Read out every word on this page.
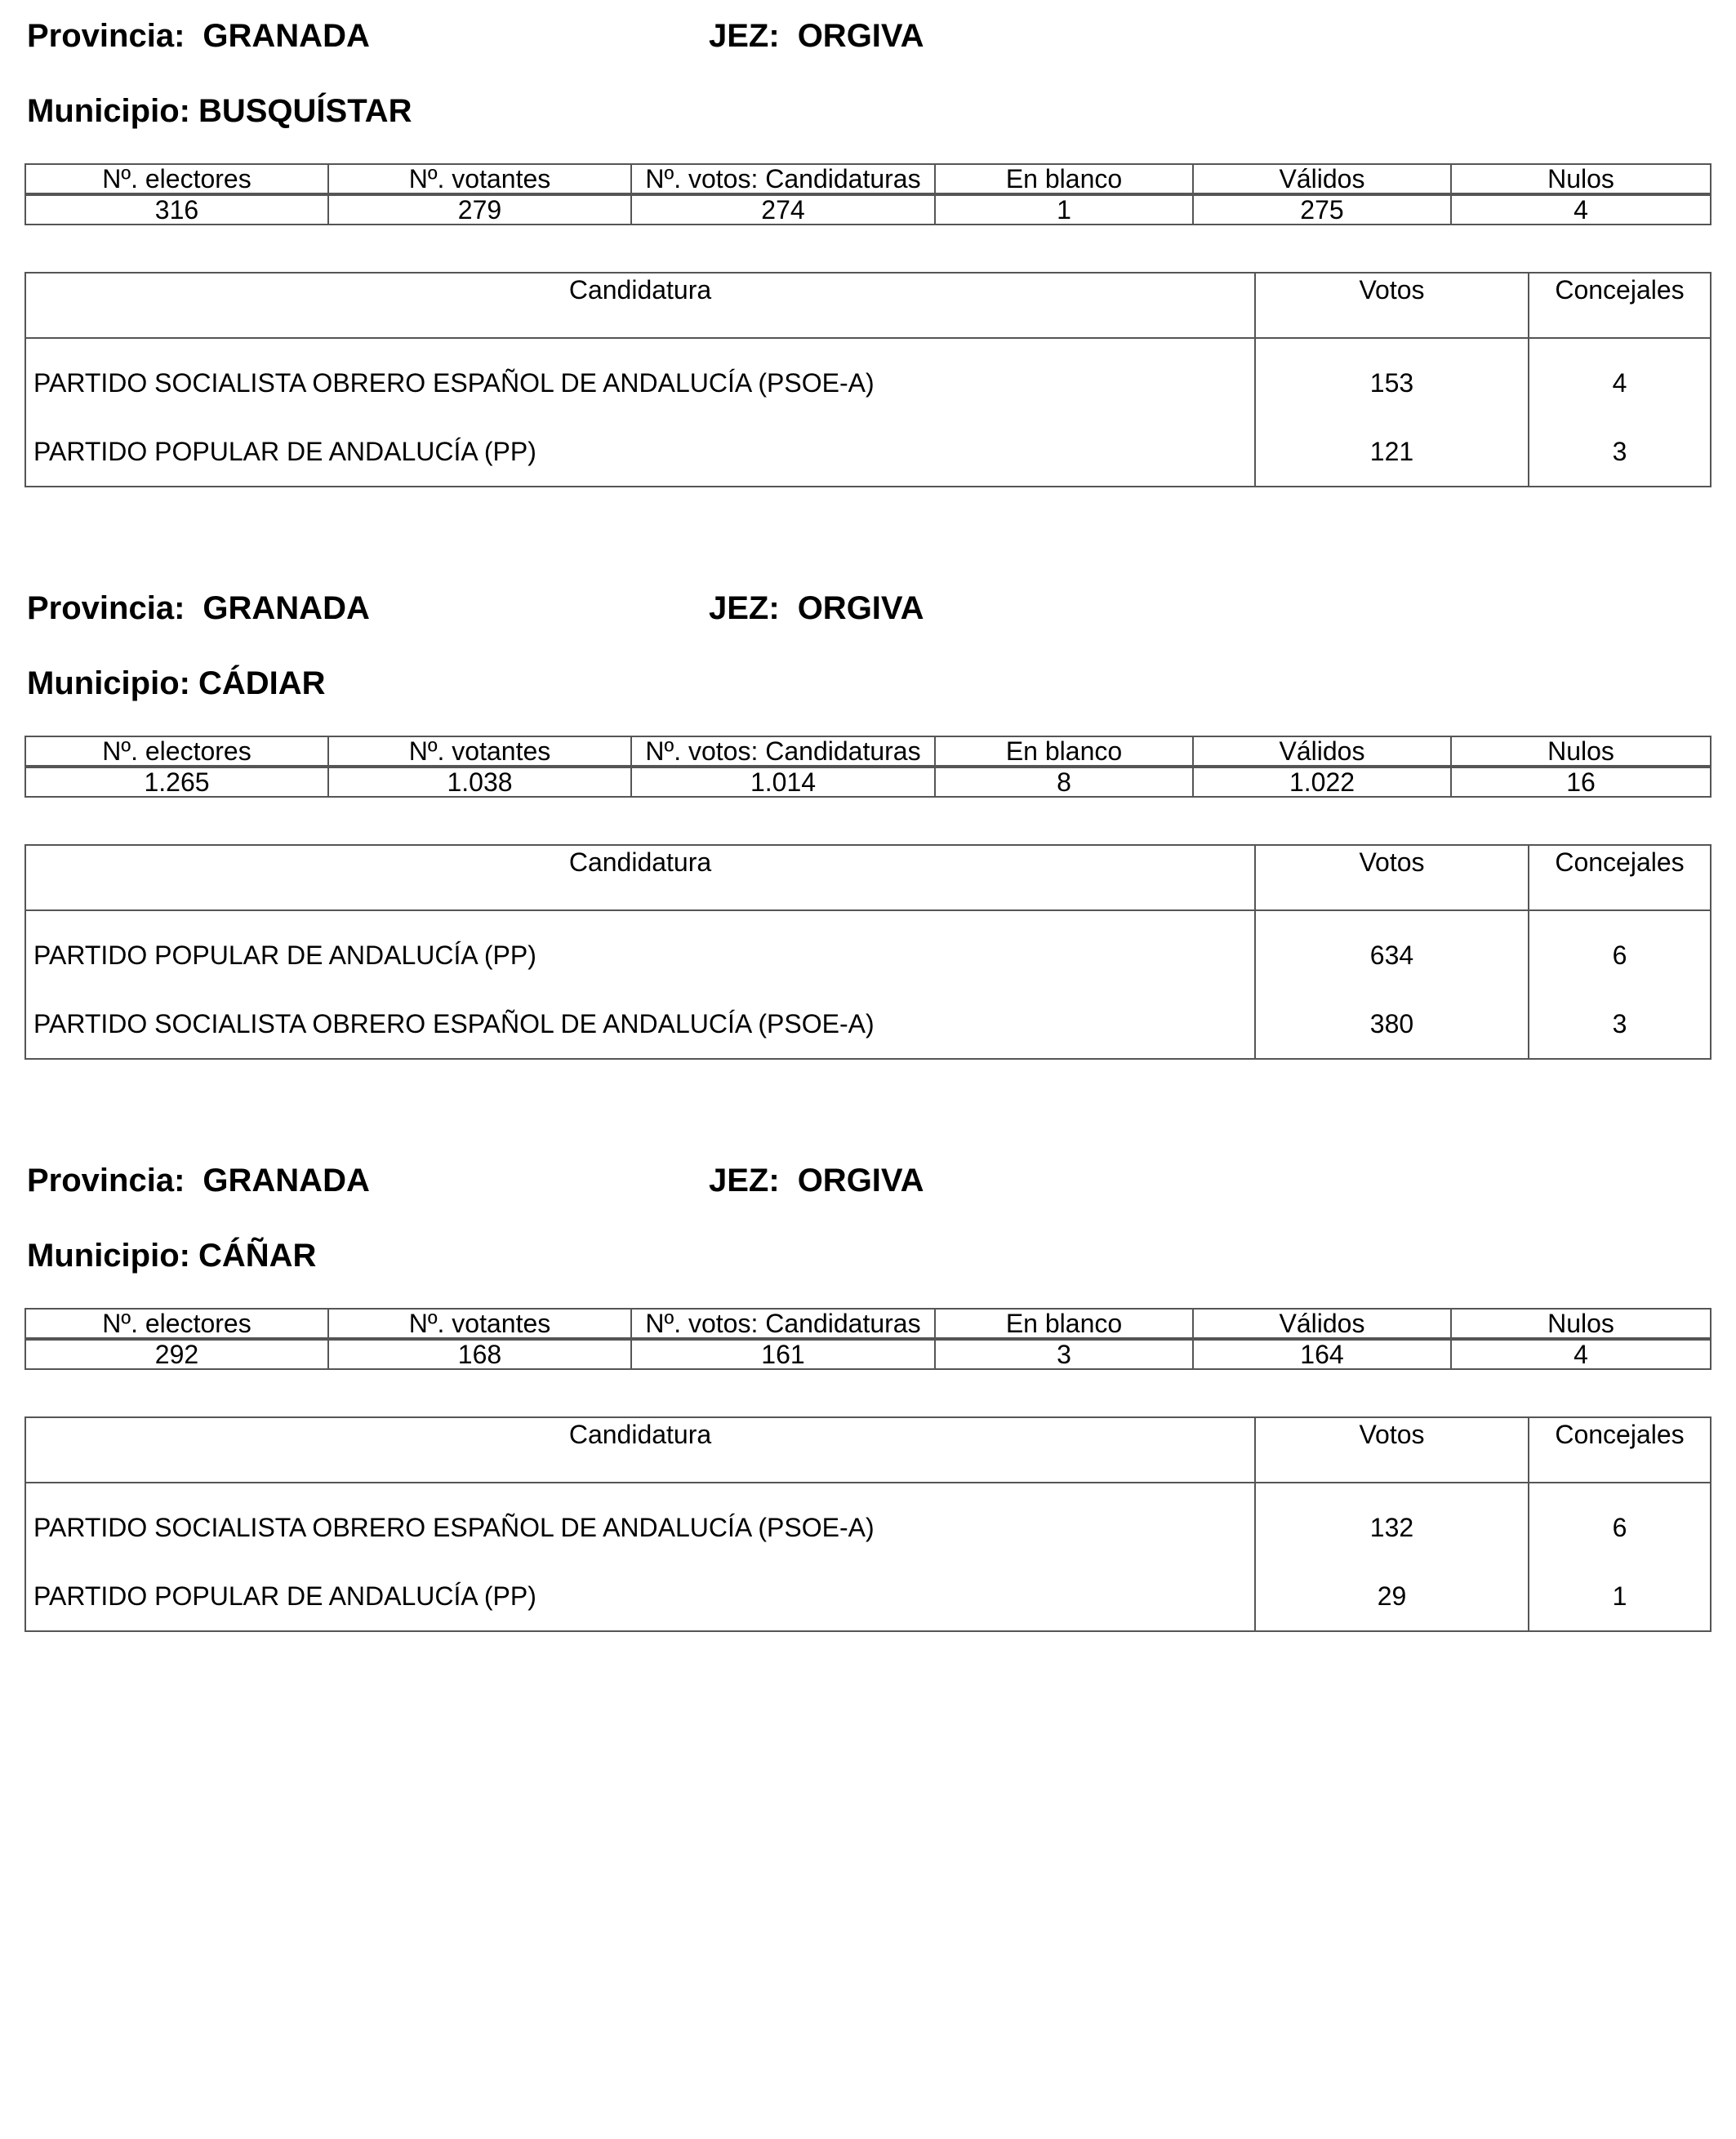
Provincia: GRANADA	JEZ: ORGIVA
Municipio: BUSQUÍSTAR
Nº. electores	Nº. votantes	Nº. votos: Candidaturas	En blanco	Válidos	Nulos
316	279	274	1	275	4
Candidatura	Votos	Concejales
PARTIDO SOCIALISTA OBRERO ESPAÑOL DE ANDALUCÍA (PSOE-A)	153	4
PARTIDO POPULAR DE ANDALUCÍA (PP)	121	3
Provincia: GRANADA	JEZ: ORGIVA
Municipio: CÁDIAR
Nº. electores	Nº. votantes	Nº. votos: Candidaturas	En blanco	Válidos	Nulos
1.265	1.038	1.014	8	1.022	16
Candidatura	Votos	Concejales
PARTIDO POPULAR DE ANDALUCÍA (PP)	634	6
PARTIDO SOCIALISTA OBRERO ESPAÑOL DE ANDALUCÍA (PSOE-A)	380	3
Provincia: GRANADA	JEZ: ORGIVA
Municipio: CÁÑAR
Nº. electores	Nº. votantes	Nº. votos: Candidaturas	En blanco	Válidos	Nulos
292	168	161	3	164	4
Candidatura	Votos	Concejales
PARTIDO SOCIALISTA OBRERO ESPAÑOL DE ANDALUCÍA (PSOE-A)	132	6
PARTIDO POPULAR DE ANDALUCÍA (PP)	29	1
